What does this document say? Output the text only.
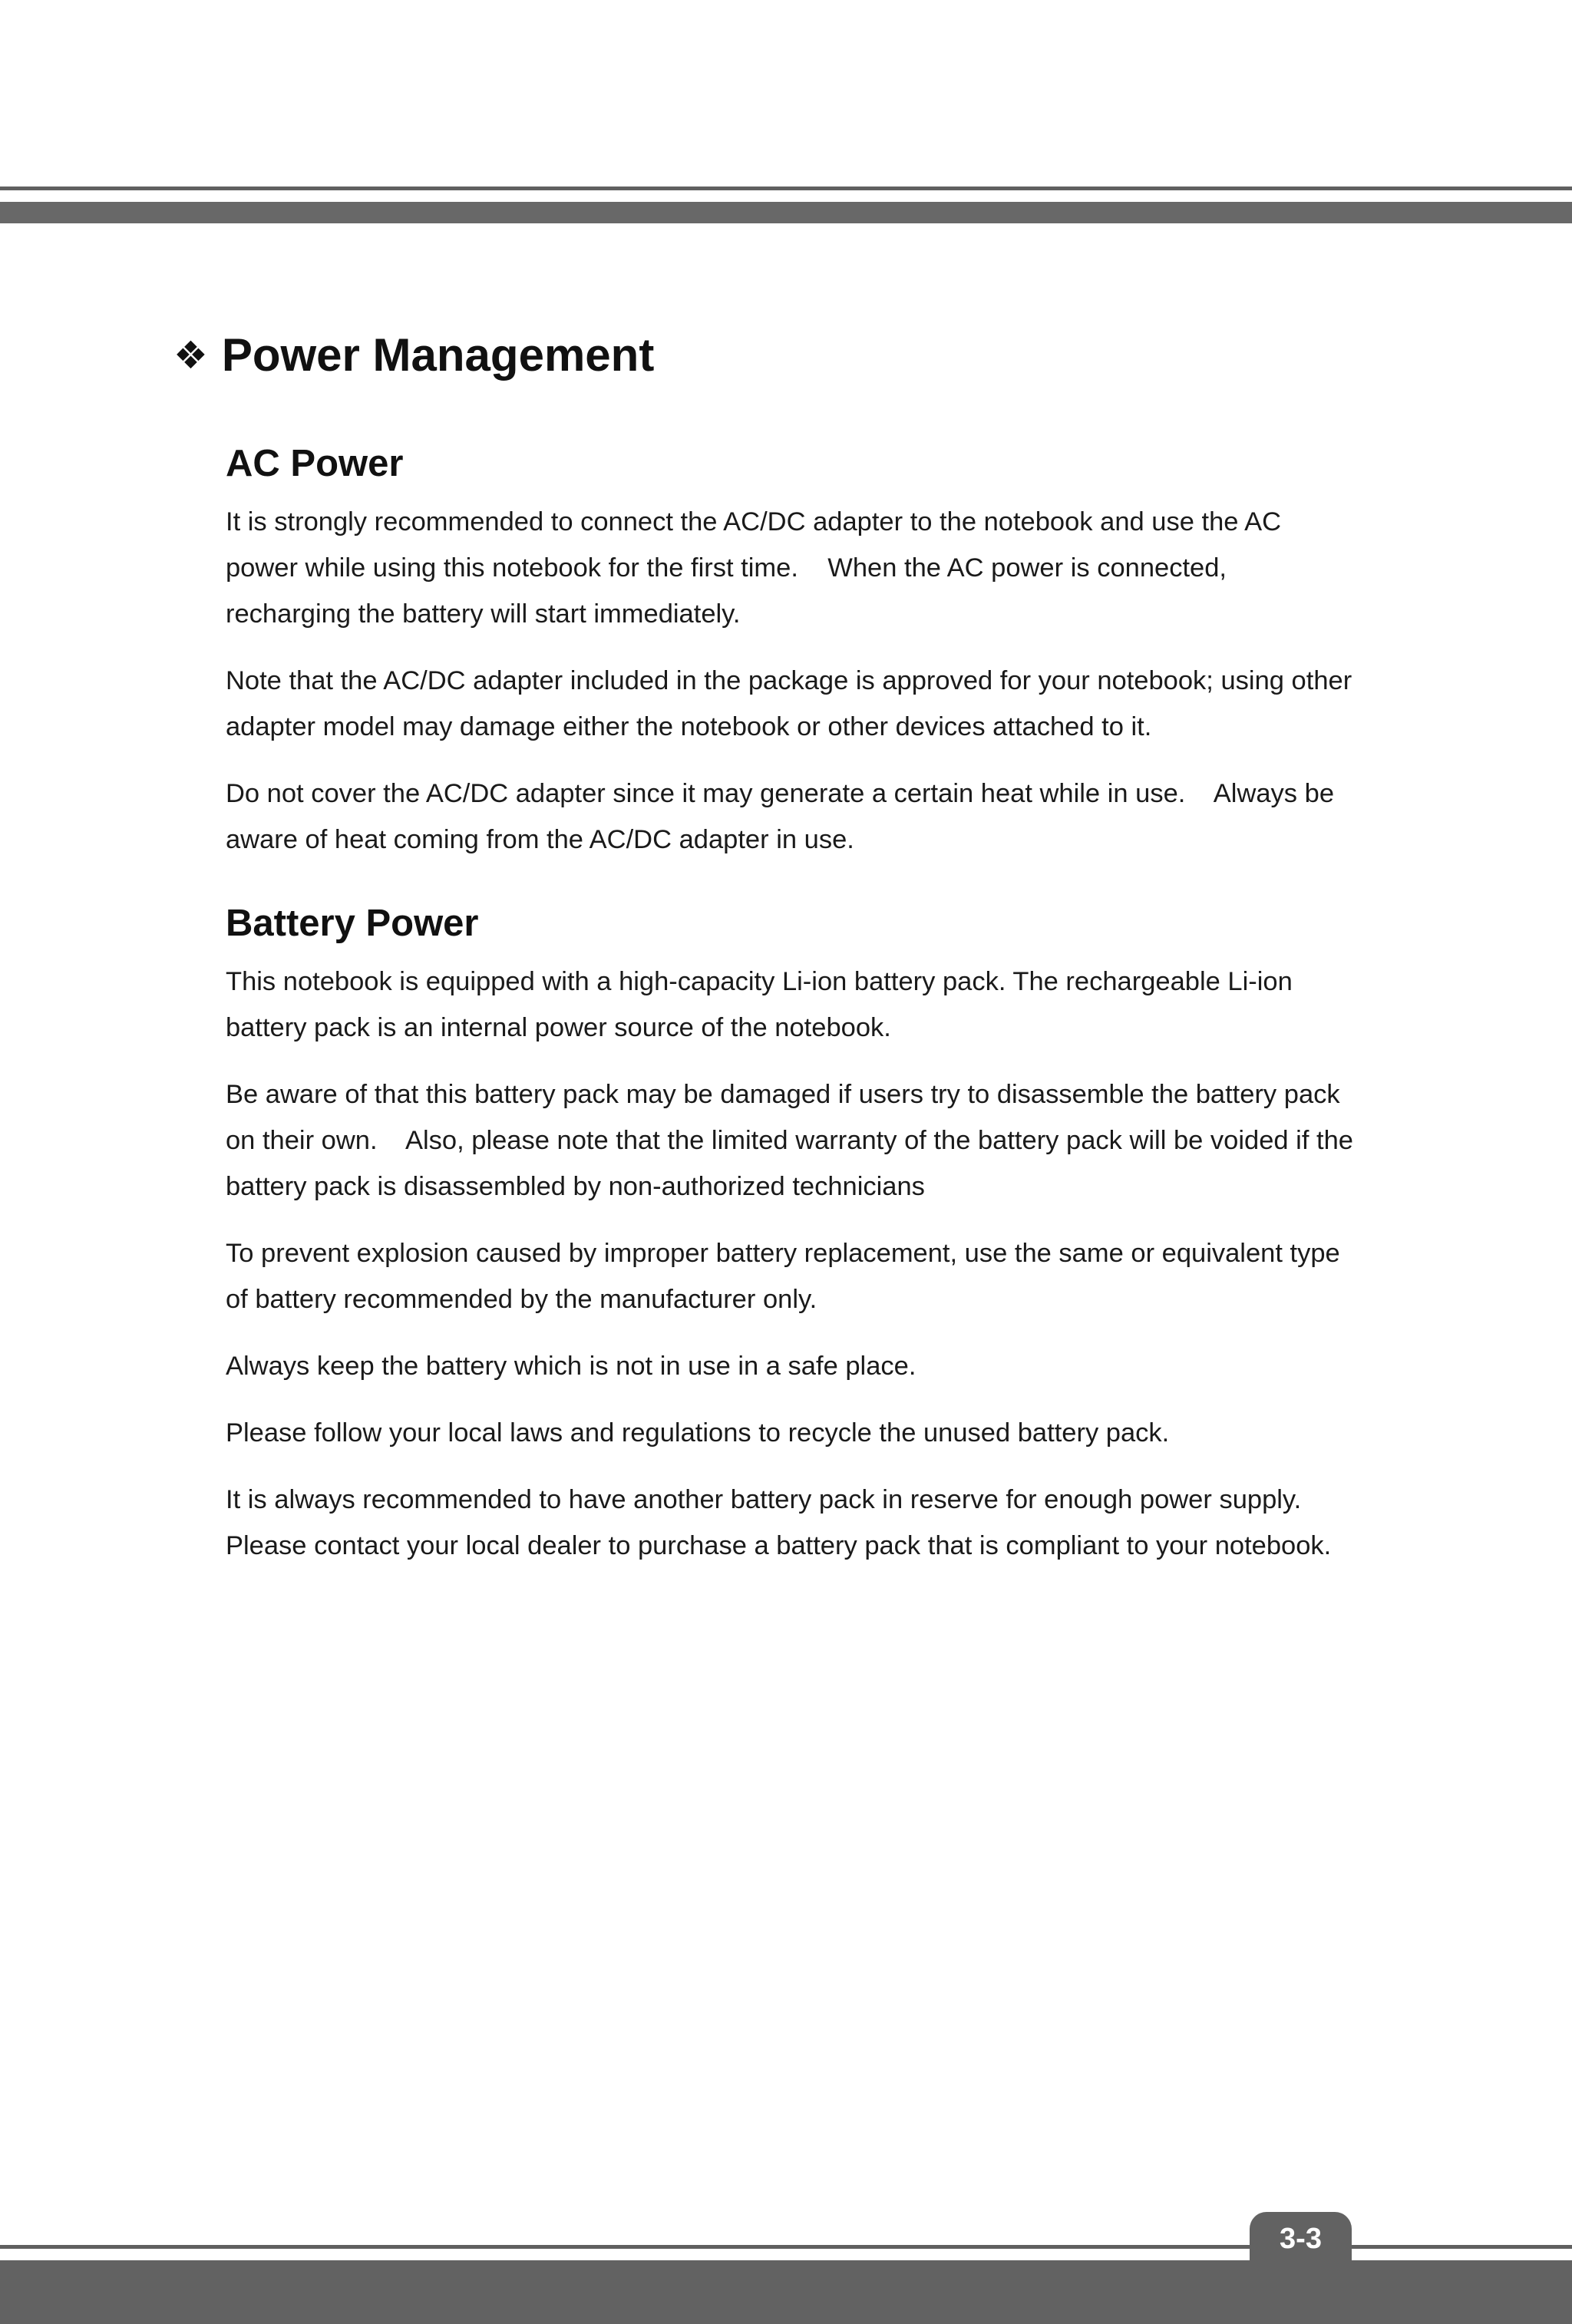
❖ Power Management
AC Power

It is strongly recommended to connect the AC/DC adapter to the notebook and use the AC power while using this notebook for the first time.    When the AC power is connected, recharging the battery will start immediately.

Note that the AC/DC adapter included in the package is approved for your notebook; using other adapter model may damage either the notebook or other devices attached to it.

Do not cover the AC/DC adapter since it may generate a certain heat while in use.    Always be aware of heat coming from the AC/DC adapter in use.

Battery Power

This notebook is equipped with a high-capacity Li-ion battery pack. The rechargeable Li-ion battery pack is an internal power source of the notebook.

Be aware of that this battery pack may be damaged if users try to disassemble the battery pack on their own.    Also, please note that the limited warranty of the battery pack will be voided if the battery pack is disassembled by non-authorized technicians

To prevent explosion caused by improper battery replacement, use the same or equivalent type of battery recommended by the manufacturer only.

Always keep the battery which is not in use in a safe place.

Please follow your local laws and regulations to recycle the unused battery pack.

It is always recommended to have another battery pack in reserve for enough power supply. Please contact your local dealer to purchase a battery pack that is compliant to your notebook.

3-3
